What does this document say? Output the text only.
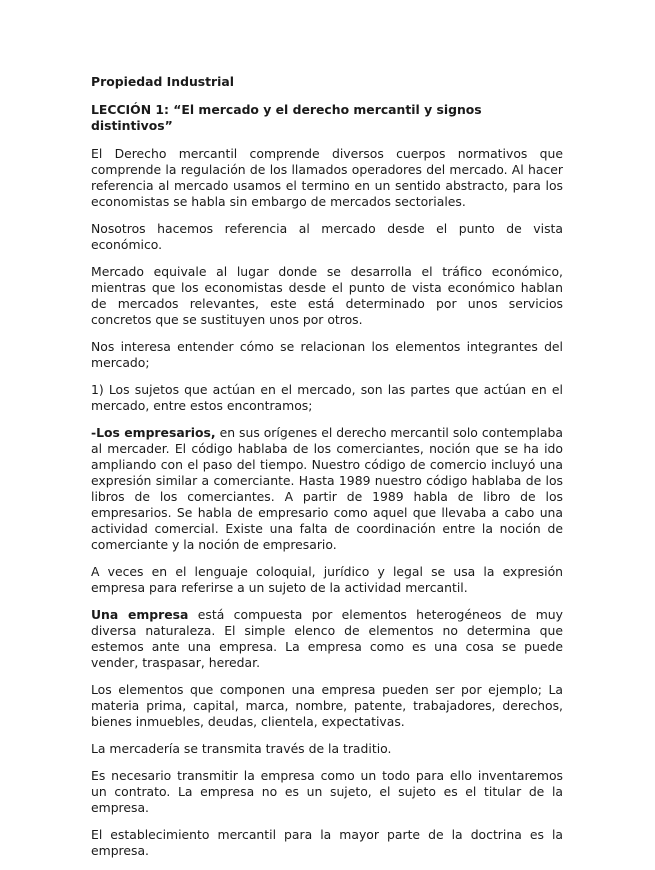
Propiedad Industrial
LECCIÓN 1: “El mercado y el derecho mercantil y signos distintivos”

El Derecho mercantil comprende diversos cuerpos normativos que comprende la regulación de los llamados operadores del mercado. Al hacer referencia al mercado usamos el termino en un sentido abstracto, para los economistas se habla sin embargo de mercados sectoriales.

Nosotros hacemos referencia al mercado desde el punto de vista económico.

Mercado equivale al lugar donde se desarrolla el tráfico económico, mientras que los economistas desde el punto de vista económico hablan de mercados relevantes, este está determinado por unos servicios concretos que se sustituyen unos por otros.

Nos interesa entender cómo se relacionan los elementos integrantes del mercado;

1) Los sujetos que actúan en el mercado, son las partes que actúan en el mercado, entre estos encontramos;

-Los empresarios, en sus orígenes el derecho mercantil solo contemplaba al mercader. El código hablaba de los comerciantes, noción que se ha ido ampliando con el paso del tiempo. Nuestro código de comercio incluyó una expresión similar a comerciante. Hasta 1989 nuestro código hablaba de los libros de los comerciantes. A partir de 1989 habla de libro de los empresarios. Se habla de empresario como aquel que llevaba a cabo una actividad comercial. Existe una falta de coordinación entre la noción de comerciante y la noción de empresario.

A veces en el lenguaje coloquial, jurídico y legal se usa la expresión empresa para referirse a un sujeto de la actividad mercantil.

Una empresa está compuesta por elementos heterogéneos de muy diversa naturaleza. El simple elenco de elementos no determina que estemos ante una empresa. La empresa como es una cosa se puede vender, traspasar, heredar.

Los elementos que componen una empresa pueden ser por ejemplo; La materia prima, capital, marca, nombre, patente, trabajadores, derechos, bienes inmuebles, deudas, clientela, expectativas.

La mercadería se transmita través de la traditio.

Es necesario transmitir la empresa como un todo para ello inventaremos un contrato. La empresa no es un sujeto, el sujeto es el titular de la empresa.

El establecimiento mercantil para la mayor parte de la doctrina es la empresa.
